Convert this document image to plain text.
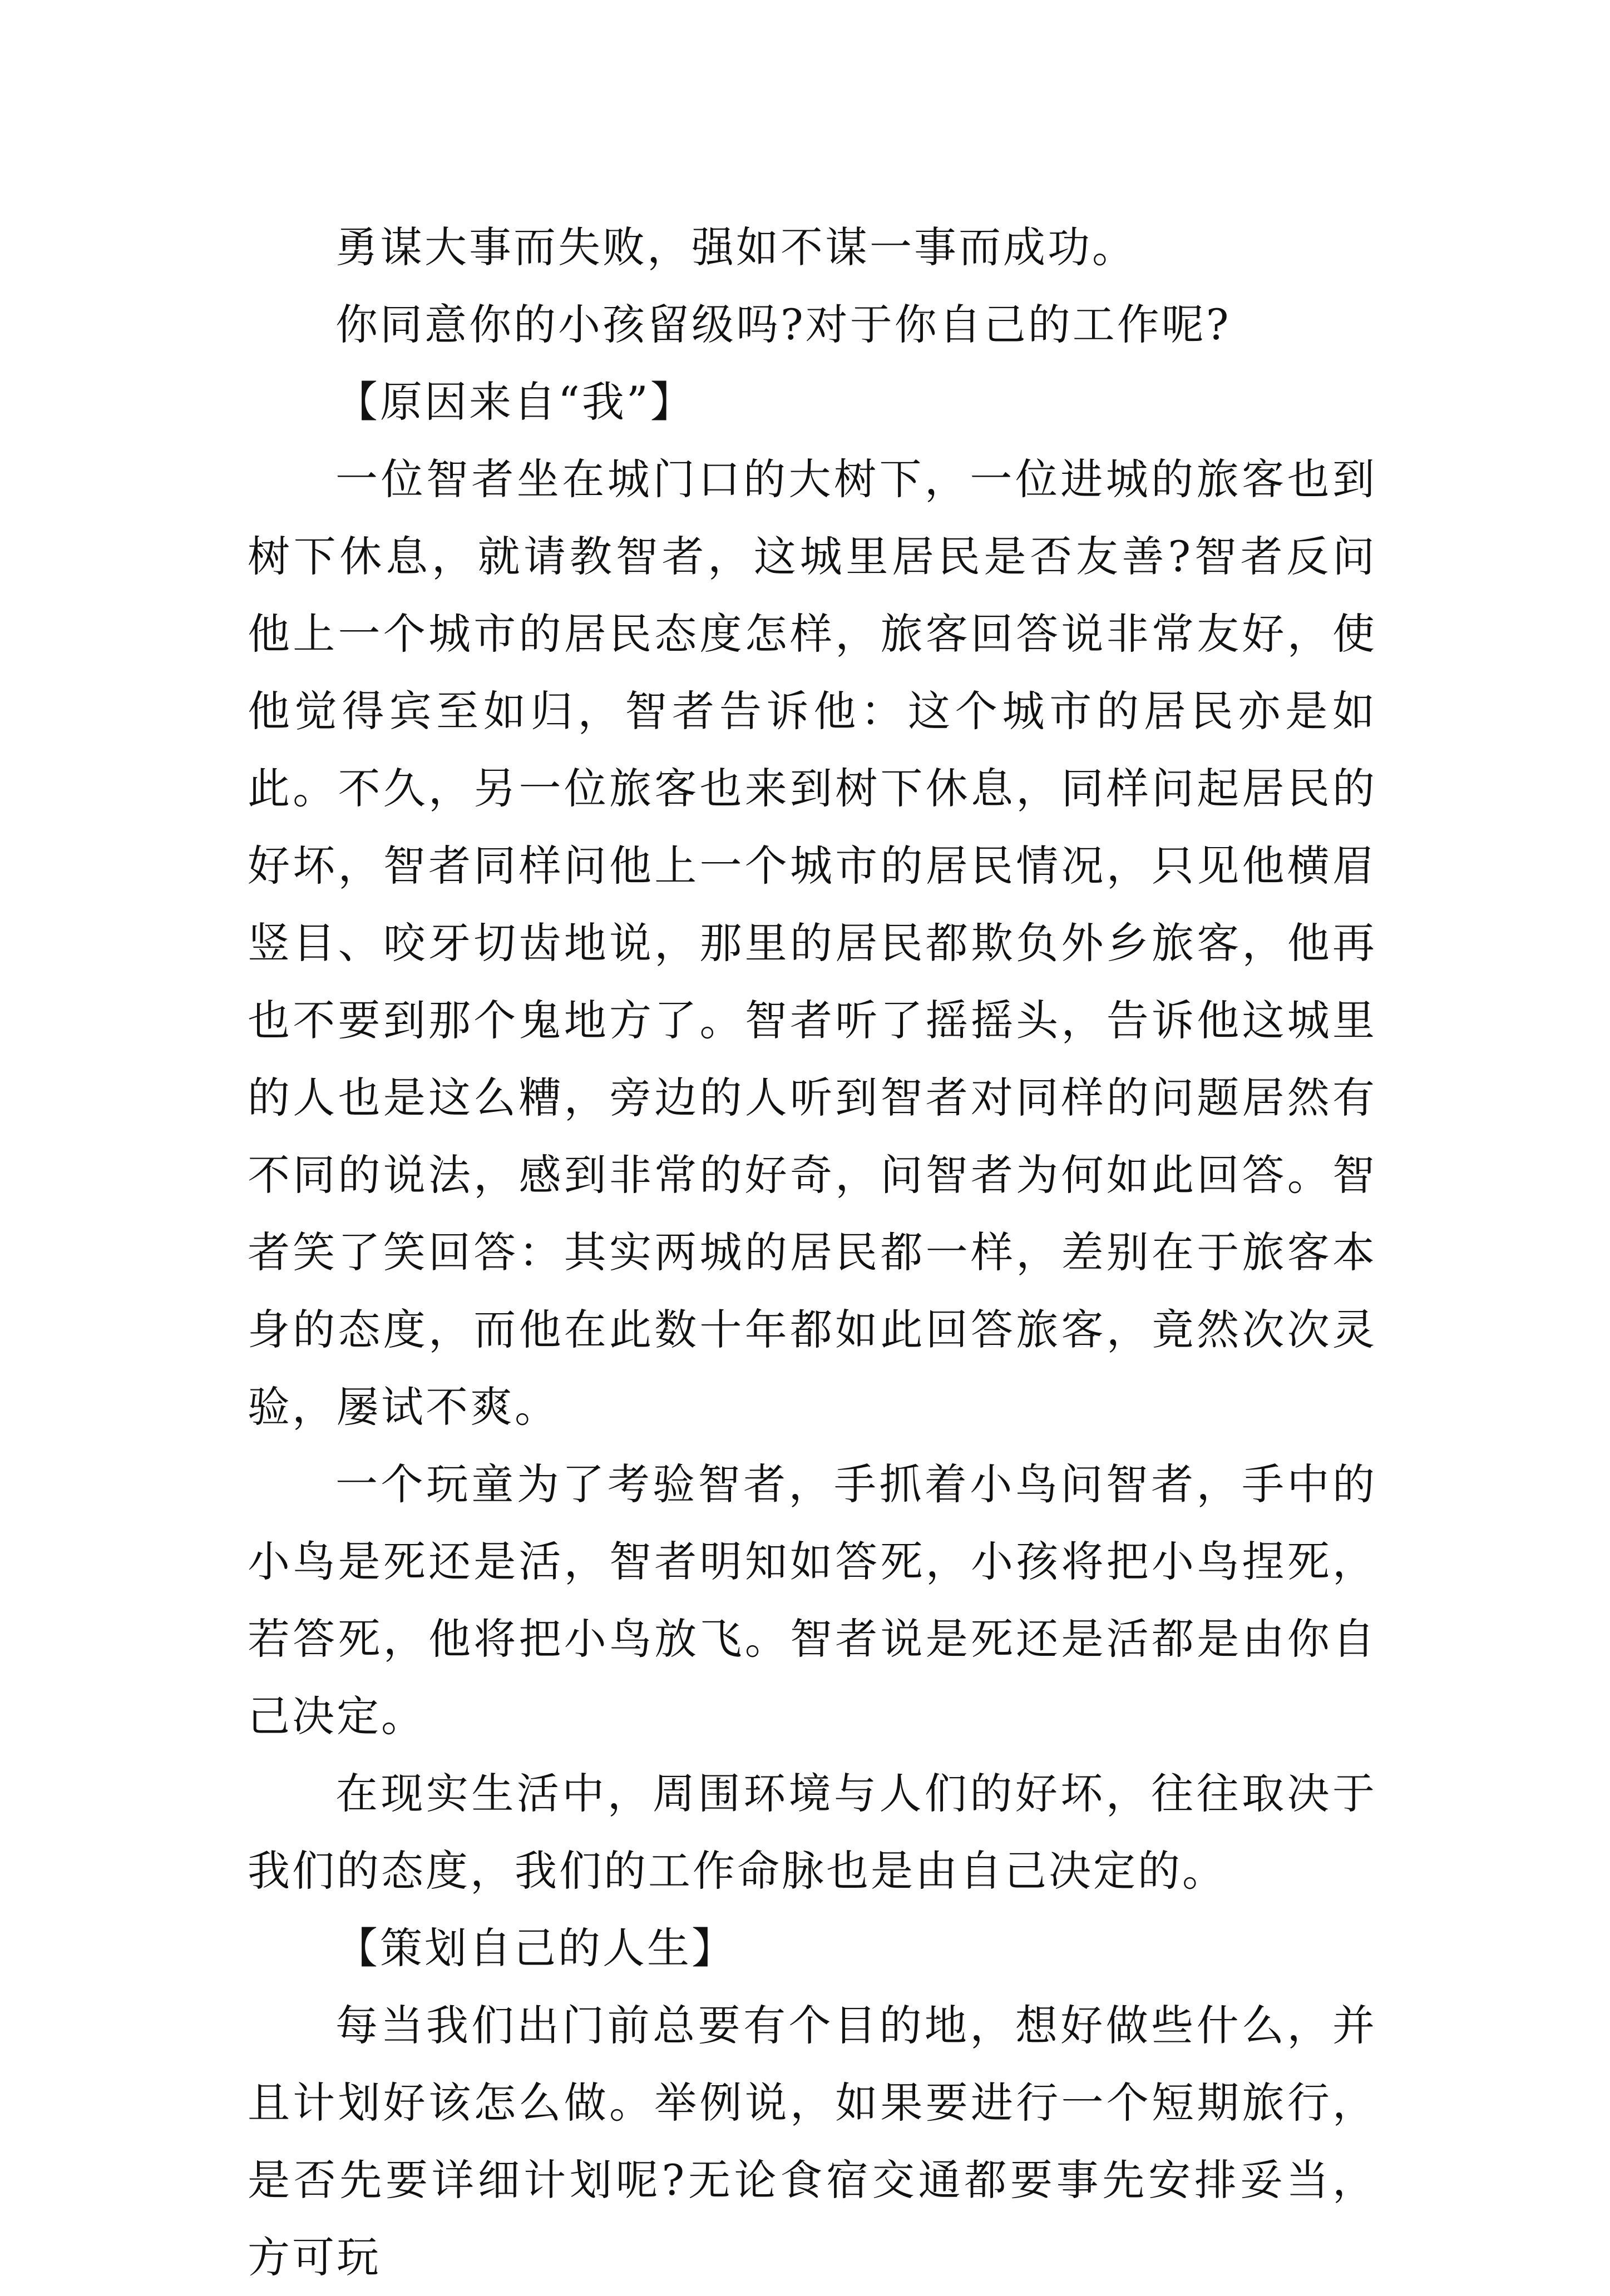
勇谋大事而失败，强如不谋一事而成功。

你同意你的小孩留级吗?对于你自己的工作呢?

【原因来自“我”】

一位智者坐在城门口的大树下，一位进城的旅客也到树下休息，就请教智者，这城里居民是否友善?智者反问他上一个城市的居民态度怎样，旅客回答说非常友好，使他觉得宾至如归，智者告诉他：这个城市的居民亦是如此。不久，另一位旅客也来到树下休息，同样问起居民的好坏，智者同样问他上一个城市的居民情况，只见他横眉竖目、咬牙切齿地说，那里的居民都欺负外乡旅客，他再也不要到那个鬼地方了。智者听了摇摇头，告诉他这城里的人也是这么糟，旁边的人听到智者对同样的问题居然有不同的说法，感到非常的好奇，问智者为何如此回答。智者笑了笑回答：其实两城的居民都一样，差别在于旅客本身的态度，而他在此数十年都如此回答旅客，竟然次次灵验，屡试不爽。

一个玩童为了考验智者，手抓着小鸟问智者，手中的小鸟是死还是活，智者明知如答死，小孩将把小鸟捏死，若答死，他将把小鸟放飞。智者说是死还是活都是由你自己决定。

在现实生活中，周围环境与人们的好坏，往往取决于我们的态度，我们的工作命脉也是由自己决定的。

【策划自己的人生】

每当我们出门前总要有个目的地，想好做些什么，并且计划好该怎么做。举例说，如果要进行一个短期旅行，是否先要详细计划呢?无论食宿交通都要事先安排妥当，方可玩
